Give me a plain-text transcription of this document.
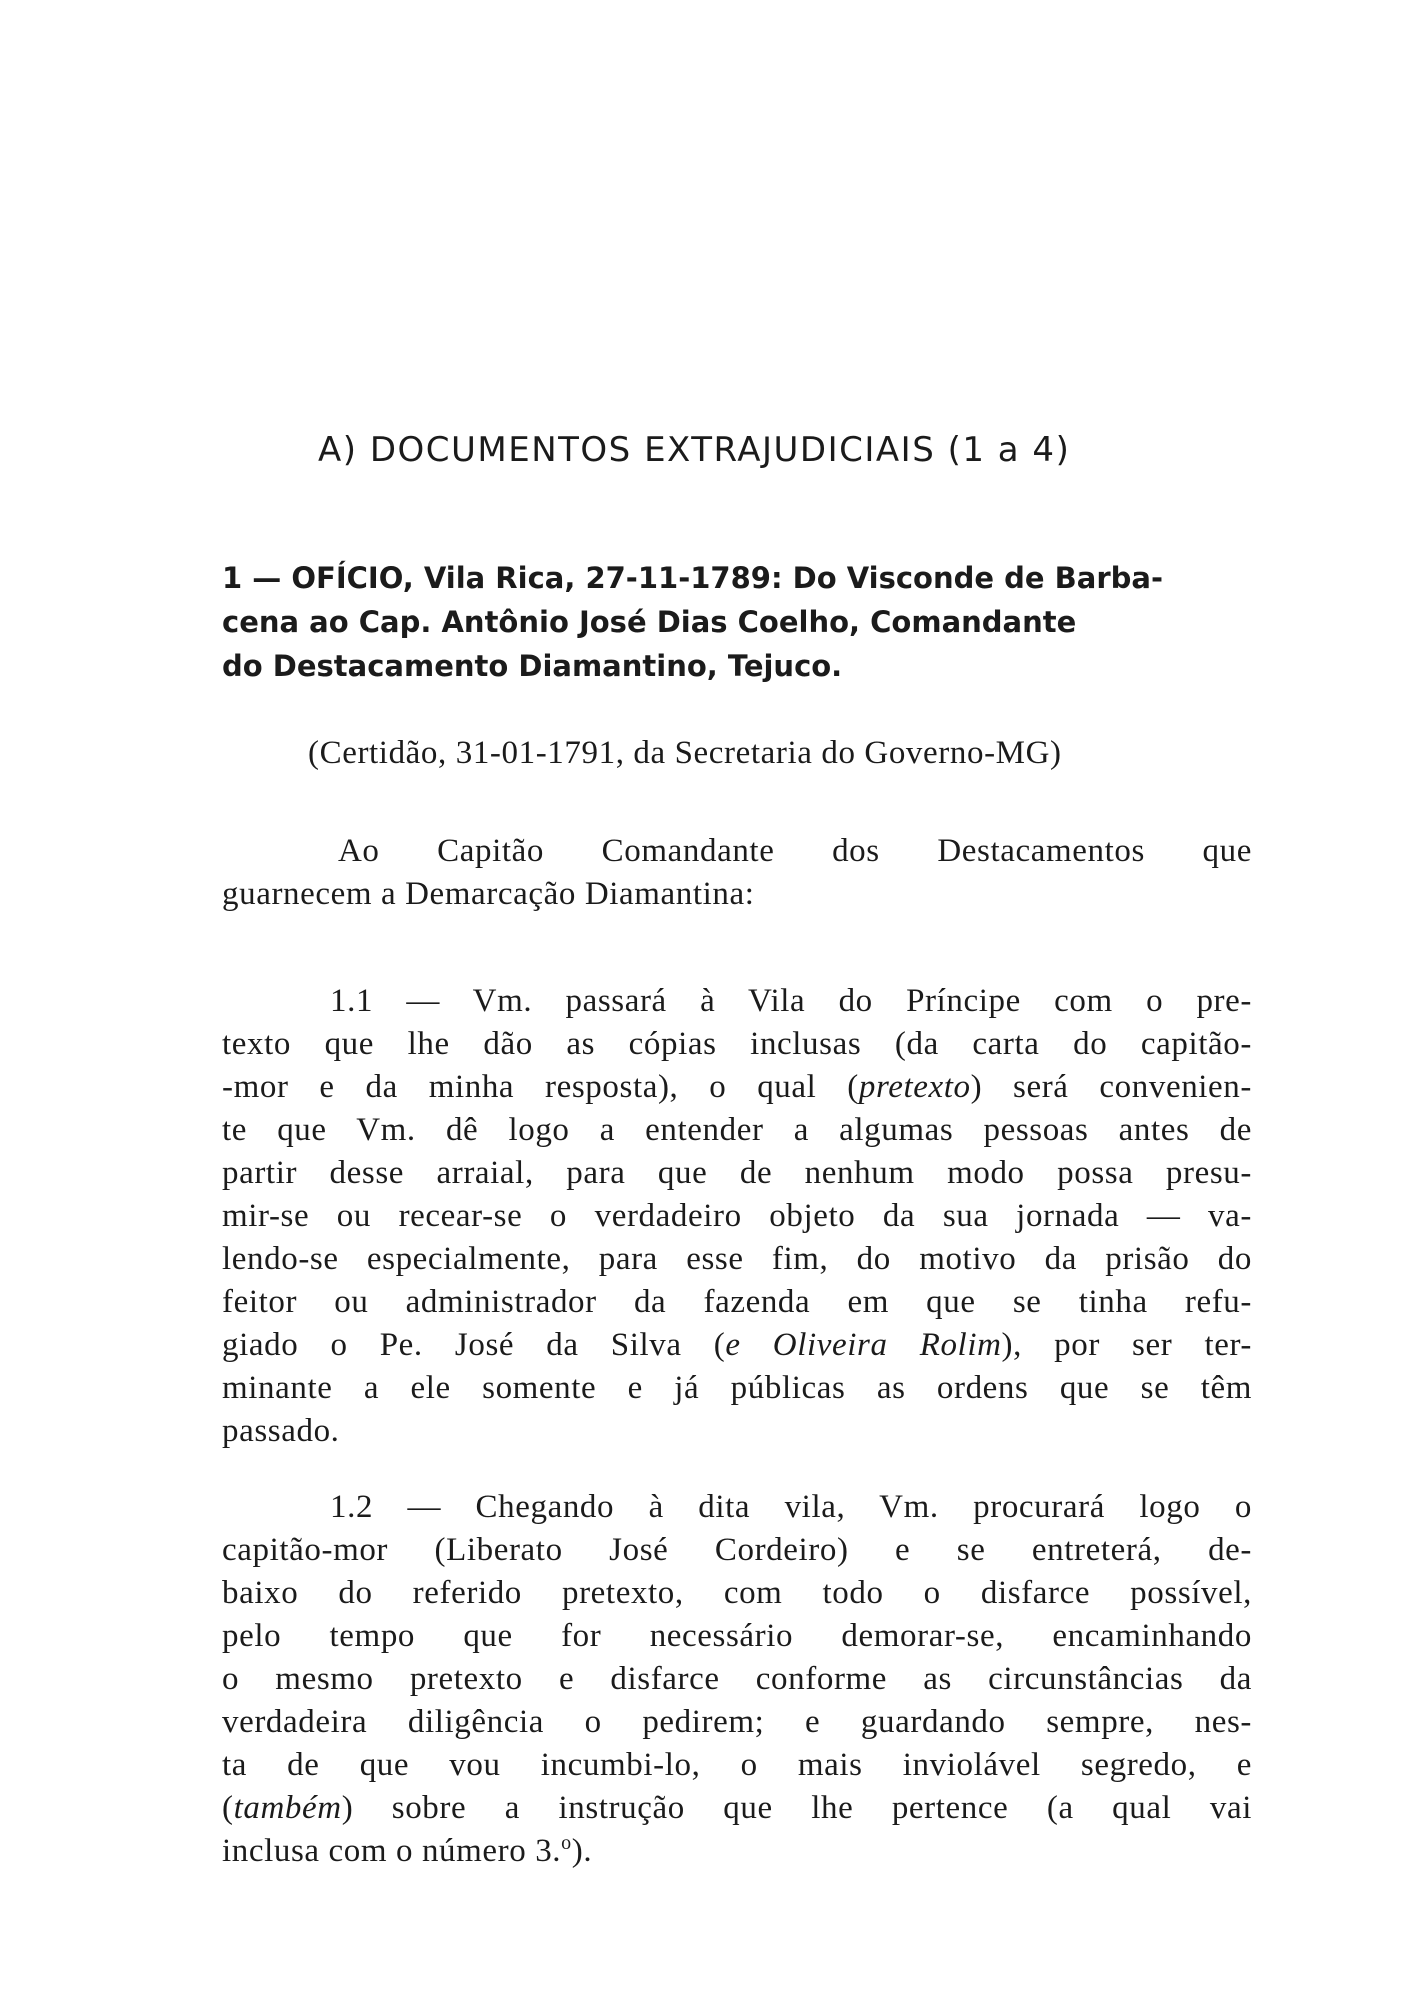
A) DOCUMENTOS EXTRAJUDICIAIS (1 a 4)
1 — OFÍCIO, Vila Rica, 27-11-1789: Do Visconde de Barba-
cena ao Cap. Antônio José Dias Coelho, Comandante
do Destacamento Diamantino, Tejuco.
(Certidão, 31-01-1791, da Secretaria do Governo-MG)
Ao Capitão Comandante dos Destacamentos que
guarnecem a Demarcação Diamantina:
1.1 — Vm. passará à Vila do Príncipe com o pre-
texto que lhe dão as cópias inclusas (da carta do capitão-
-mor e da minha resposta), o qual (pretexto) será convenien-
te que Vm. dê logo a entender a algumas pessoas antes de
partir desse arraial, para que de nenhum modo possa presu-
mir-se ou recear-se o verdadeiro objeto da sua jornada — va-
lendo-se especialmente, para esse fim, do motivo da prisão do
feitor ou administrador da fazenda em que se tinha refu-
giado o Pe. José da Silva (e Oliveira Rolim), por ser ter-
minante a ele somente e já públicas as ordens que se têm
passado.
1.2 — Chegando à dita vila, Vm. procurará logo o
capitão-mor (Liberato José Cordeiro) e se entreterá, de-
baixo do referido pretexto, com todo o disfarce possível,
pelo tempo que for necessário demorar-se, encaminhando
o mesmo pretexto e disfarce conforme as circunstâncias da
verdadeira diligência o pedirem; e guardando sempre, nes-
ta de que vou incumbi-lo, o mais inviolável segredo, e
(também) sobre a instrução que lhe pertence (a qual vai
inclusa com o número 3.$^o$).
